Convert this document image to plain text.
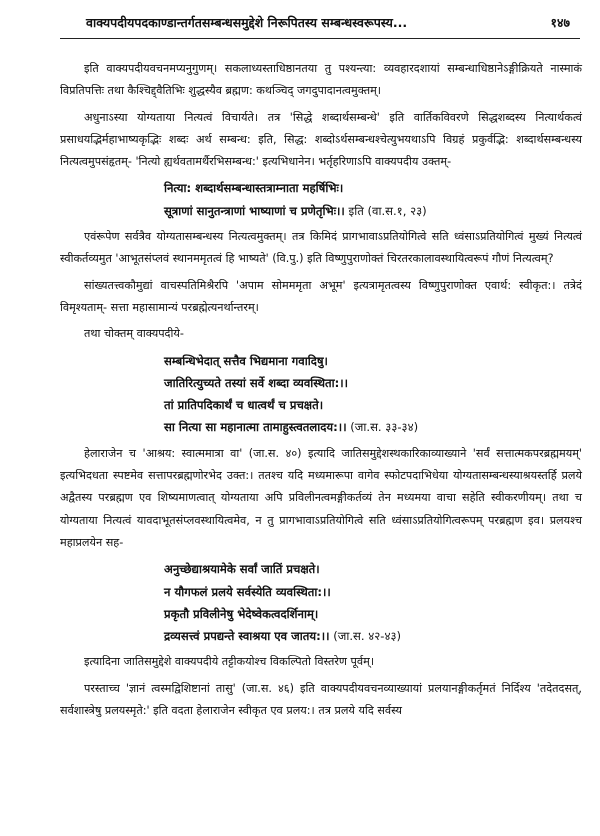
वाक्यपदीयपदकाण्डान्तर्गतसम्बन्धसमुद्देशे निरूपितस्य सम्बन्धस्वरूपस्य...	१४७

इति वाक्यपदीयवचनमप्यनुगुणम्। सकलाध्यस्ताधिष्ठानतया तु पश्यन्त्या: व्यवहारदशायां सम्बन्धाधिष्ठानेऽङ्गीक्रियते नास्माकं विप्रतिपत्तिः तथा कैश्चिद्द्वैतिभिः शुद्धस्यैव ब्रह्मण: कथञ्चिद् जगदुपादानत्वमुक्तम्।

अधुनाऽस्या योग्यताया नित्यत्वं विचार्यते। तत्र 'सिद्धे शब्दार्थसम्बन्धे' इति वार्तिकविवरणे सिद्धशब्दस्य नित्यार्थकत्वं प्रसाधयद्भिर्महाभाष्यकृद्भिः शब्दः अर्थ सम्बन्ध: इति, सिद्ध: शब्दोऽर्थसम्बन्धश्चेत्युभयथाऽपि विग्रहं प्रकुर्वद्भि: शब्दार्थसम्बन्धस्य नित्यत्वमुपसंहृतम्- 'नित्यो ह्यर्थवतामर्थैरभिसम्बन्ध:' इत्यभिधानेन। भर्तृहरिणाऽपि वाक्यपदीय उक्तम्-

नित्या: शब्दार्थसम्बन्धास्तत्राम्नाता महर्षिभिः।
सूत्राणां सानुतन्त्राणां भाष्याणां च प्रणेतृभिः।। इति (वा.स.१, २३)

एवंरूपेण सर्वत्रैव योग्यतासम्बन्धस्य नित्यत्वमुक्तम्। तत्र किमिदं प्रागभावाऽप्रतियोगित्वे सति ध्वंसाऽप्रतियोगित्वं मुख्यं नित्यत्वं स्वीकर्तव्यमुत 'आभूतसंप्लवं स्थानममृतत्वं हि भाष्यते' (वि.पु.) इति विष्णुपुराणोक्तं चिरतरकालावस्थायित्वरूपं गौणं नित्यत्वम्?

सांख्यतत्त्वकौमुद्यां वाचस्पतिमिश्रैरपि 'अपाम सोमममृता अभूम' इत्यत्रामृतत्वस्य विष्णुपुराणोक्त एवार्थ: स्वीकृत:। तत्रेदं विमृश्यताम्- सत्ता महासामान्यं परब्रह्मेत्यनर्थान्तरम्।

तथा चोक्तम् वाक्यपदीये-

सम्बन्धिभेदात् सत्तैव भिद्यमाना गवादिषु।
जातिरित्युच्यते तस्यां सर्वे शब्दा व्यवस्थिता:।।
तां प्रातिपदिकार्थं च धात्वर्थं च प्रचक्षते।
सा नित्या सा महानात्मा तामाहुस्त्वतलादय:।। (जा.स. ३३-३४)

हेलाराजेन च 'आश्रय: स्वात्ममात्रा वा' (जा.स. ४०) इत्यादि जातिसमुद्देशस्थकारिकाव्याख्याने 'सर्वं सत्तात्मकपरब्रह्ममयम्' इत्यभिदधता स्पष्टमेव सत्तापरब्रह्मणोरभेद उक्त:। ततश्च यदि मध्यमारूपा वागेव स्फोटपदाभिधेया योग्यतासम्बन्धस्याश्रयस्तर्हि प्रलये अद्वैतस्य परब्रह्मण एव शिष्यमाणत्वात् योग्यताया अपि प्रविलीनत्वमङ्गीकर्तव्यं तेन मध्यमया वाचा सहेति स्वीकरणीयम्। तथा च योग्यताया नित्यत्वं यावदाभूतसंप्लवस्थायित्वमेव, न तु प्रागभावाऽप्रतियोगित्वे सति ध्वंसाऽप्रतियोगित्वरूपम् परब्रह्मण इव। प्रलयश्च महाप्रलयेन सह-

अनुच्छेद्याश्रयामेके सर्वां जातिं प्रचक्षते।
न यौगफलं प्रलये सर्वस्येति व्यवस्थिता:।।
प्रकृतौ प्रविलीनेषु भेदेष्वेकत्वदर्शिनाम्।
द्रव्यसत्त्वं प्रपद्यन्ते स्वाश्रया एव जातय:।। (जा.स. ४२-४३)

इत्यादिना जातिसमुद्देशे वाक्यपदीये तट्टीकयोश्च विकल्पितो विस्तरेण पूर्वम्।

परस्ताच्च 'ज्ञानं त्वस्मद्विशिष्टानां तासु' (जा.स. ४६) इति वाक्यपदीयवचनव्याख्यायां प्रलयानङ्गीकर्तृमतं निर्दिश्य 'तदेतदसत्, सर्वशास्त्रेषु प्रलयस्मृते:' इति वदता हेलाराजेन स्वीकृत एव प्रलय:। तत्र प्रलये यदि सर्वस्य
